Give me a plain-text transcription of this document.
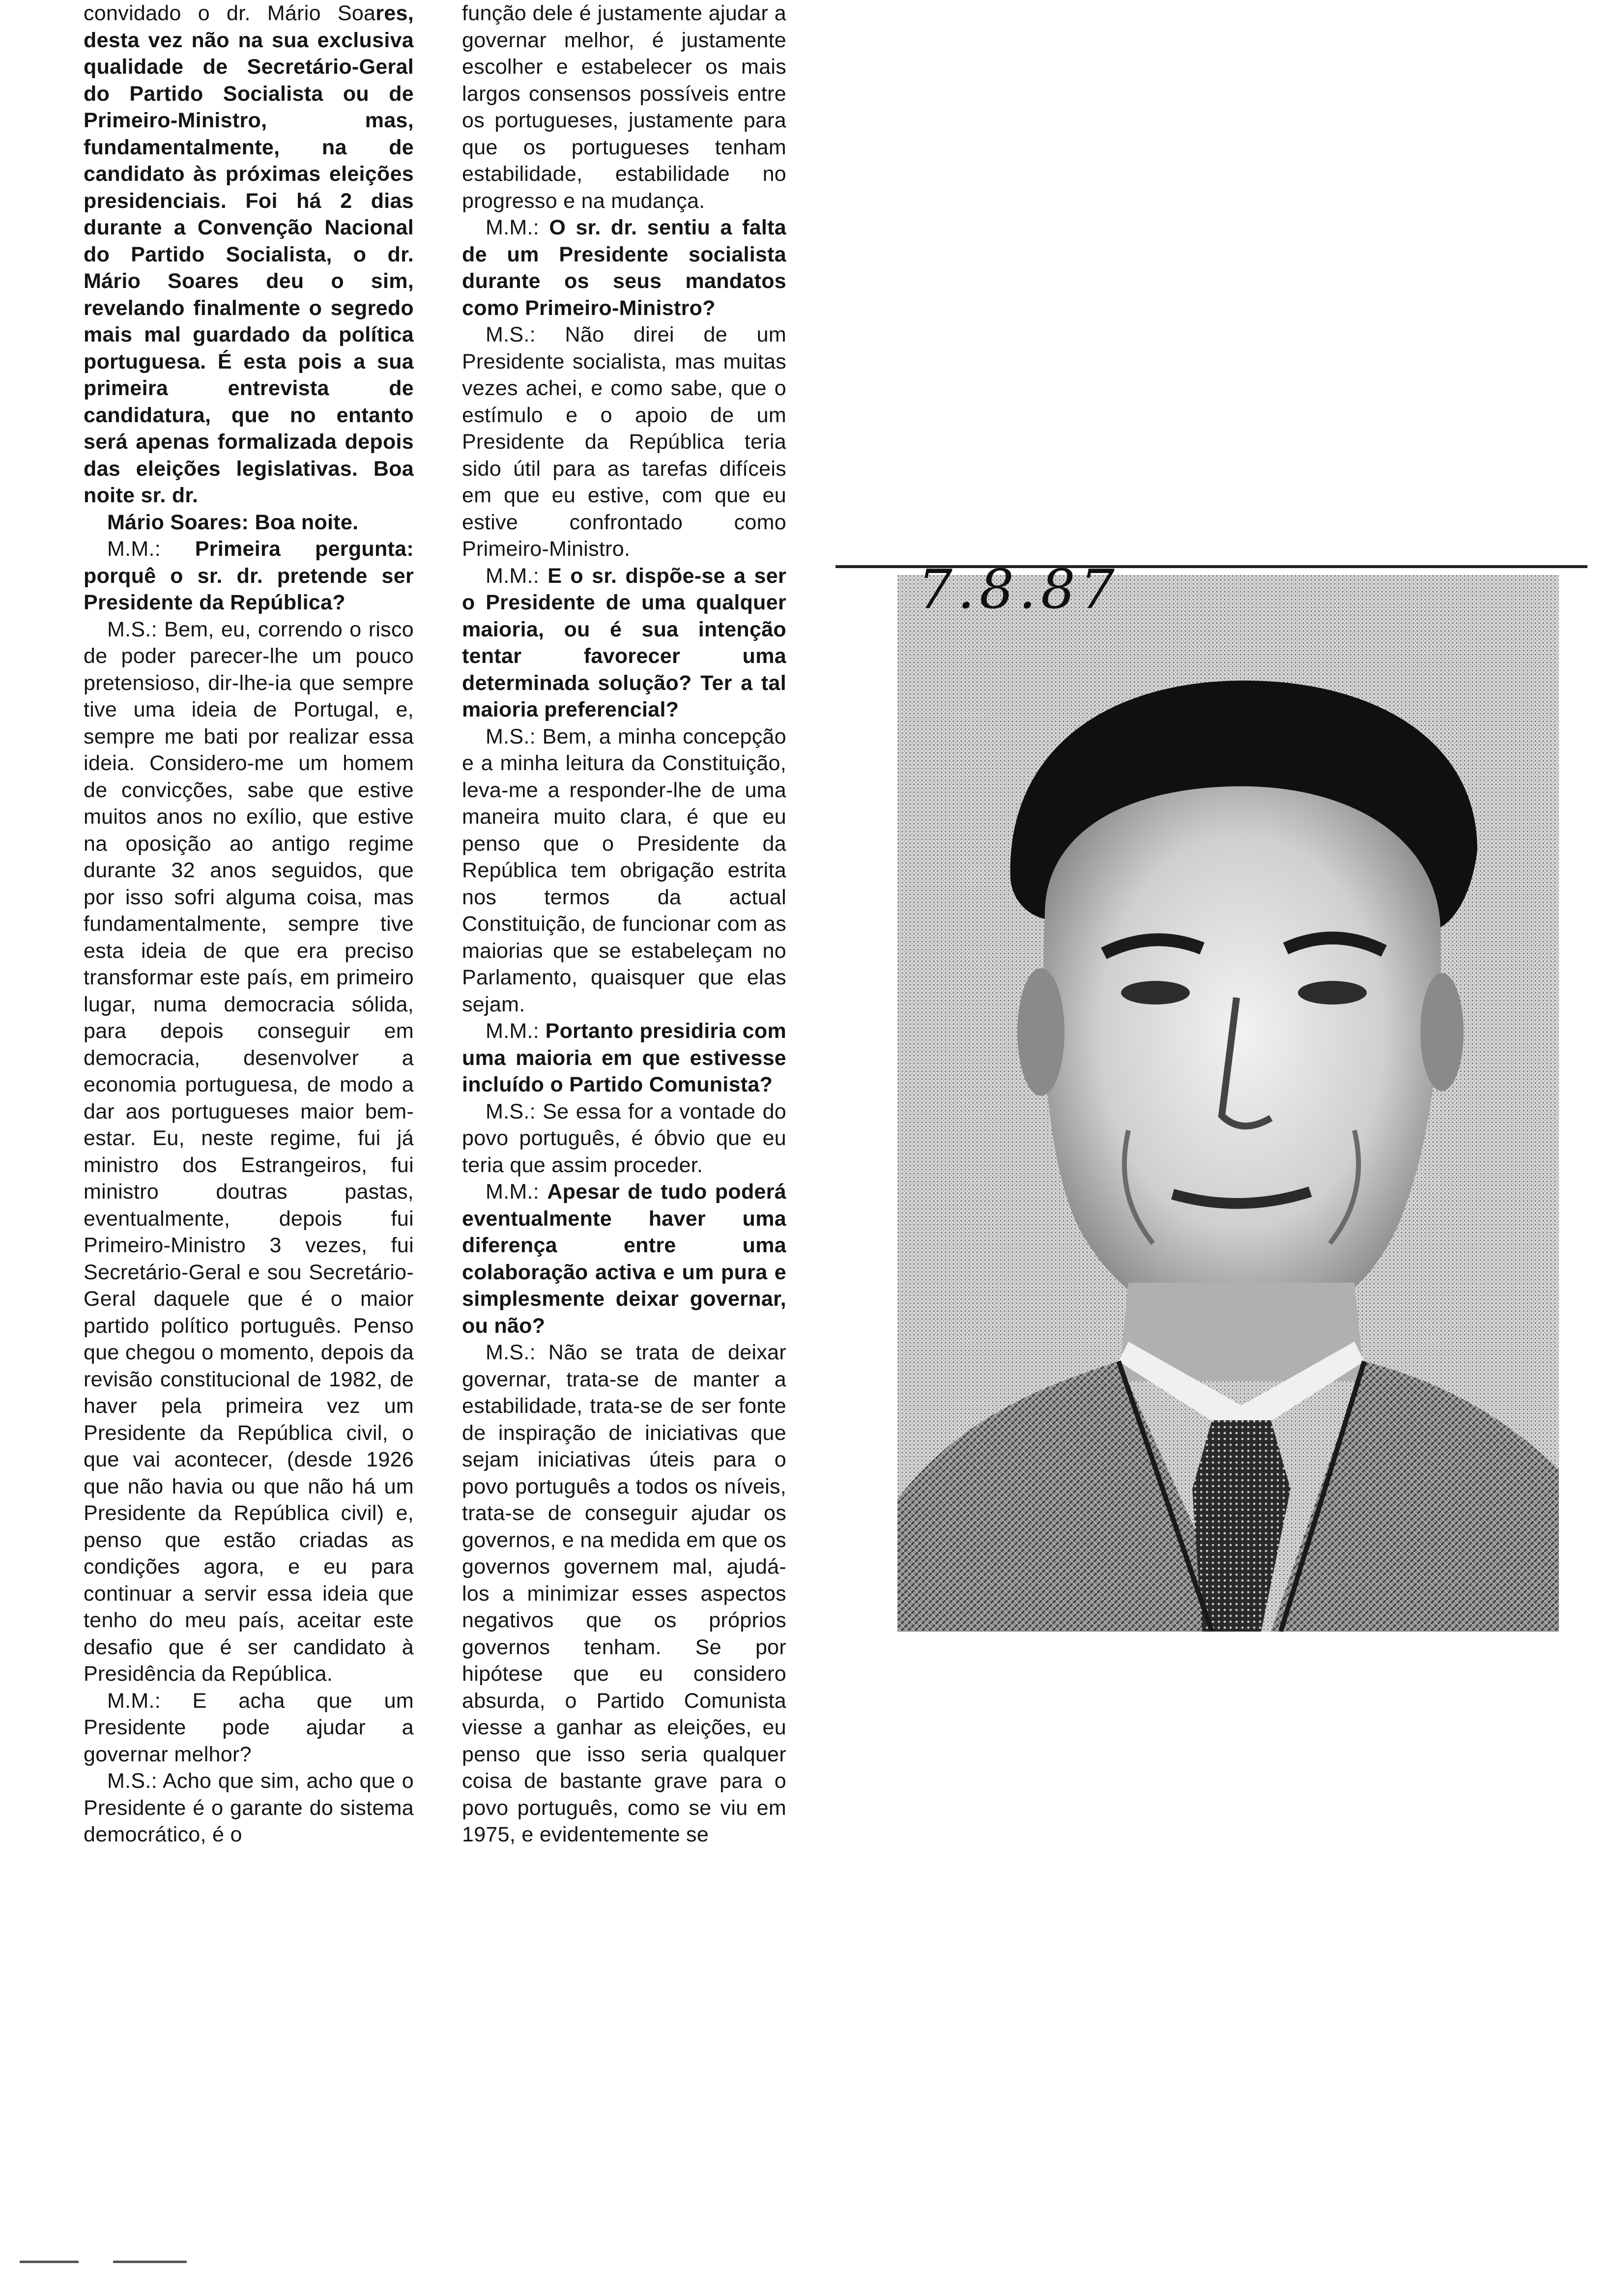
convidado o dr. Mário Soares, desta vez não na sua exclusiva qualidade de Secretário-Geral do Partido Socialista ou de Primeiro-Ministro, mas, fundamentalmente, na de candidato às próximas eleições presidenciais. Foi há 2 dias durante a Convenção Nacional do Partido Socialista, o dr. Mário Soares deu o sim, revelando finalmente o segredo mais mal guardado da política portuguesa. É esta pois a sua primeira entrevista de candidatura, que no entanto será apenas formalizada depois das eleições legislativas. Boa noite sr. dr.

Mário Soares: Boa noite.

M.M.: Primeira pergunta: porquê o sr. dr. pretende ser Presidente da República?

M.S.: Bem, eu, correndo o risco de poder parecer-lhe um pouco pretensioso, dir-lhe-ia que sempre tive uma ideia de Portugal, e, sempre me bati por realizar essa ideia. Considero-me um homem de convicções, sabe que estive muitos anos no exílio, que estive na oposição ao antigo regime durante 32 anos seguidos, que por isso sofri alguma coisa, mas fundamentalmente, sempre tive esta ideia de que era preciso transformar este país, em primeiro lugar, numa democracia sólida, para depois conseguir em democracia, desenvolver a economia portuguesa, de modo a dar aos portugueses maior bem-estar. Eu, neste regime, fui já ministro dos Estrangeiros, fui ministro doutras pastas, eventualmente, depois fui Primeiro-Ministro 3 vezes, fui Secretário-Geral e sou Secretário-Geral daquele que é o maior partido político português. Penso que chegou o momento, depois da revisão constitucional de 1982, de haver pela primeira vez um Presidente da República civil, o que vai acontecer, (desde 1926 que não havia ou que não há um Presidente da República civil) e, penso que estão criadas as condições agora, e eu para continuar a servir essa ideia que tenho do meu país, aceitar este desafio que é ser candidato à Presidência da República.

M.M.: E acha que um Presidente pode ajudar a governar melhor?

M.S.: Acho que sim, acho que o Presidente é o garante do sistema democrático, é o

função dele é justamente ajudar a governar melhor, é justamente escolher e estabelecer os mais largos consensos possíveis entre os portugueses, justamente para que os portugueses tenham estabilidade, estabilidade no progresso e na mudança.

M.M.: O sr. dr. sentiu a falta de um Presidente socialista durante os seus mandatos como Primeiro-Ministro?

M.S.: Não direi de um Presidente socialista, mas muitas vezes achei, e como sabe, que o estímulo e o apoio de um Presidente da República teria sido útil para as tarefas difíceis em que eu estive, com que eu estive confrontado como Primeiro-Ministro.

M.M.: E o sr. dispõe-se a ser o Presidente de uma qualquer maioria, ou é sua intenção tentar favorecer uma determinada solução? Ter a tal maioria preferencial?

M.S.: Bem, a minha concepção e a minha leitura da Constituição, leva-me a responder-lhe de uma maneira muito clara, é que eu penso que o Presidente da República tem obrigação estrita nos termos da actual Constituição, de funcionar com as maiorias que se estabeleçam no Parlamento, quaisquer que elas sejam.

M.M.: Portanto presidiria com uma maioria em que estivesse incluído o Partido Comunista?

M.S.: Se essa for a vontade do povo português, é óbvio que eu teria que assim proceder.

M.M.: Apesar de tudo poderá eventualmente haver uma diferença entre uma colaboração activa e um pura e simplesmente deixar governar, ou não?

M.S.: Não se trata de deixar governar, trata-se de manter a estabilidade, trata-se de ser fonte de inspiração de iniciativas que sejam iniciativas úteis para o povo português a todos os níveis, trata-se de conseguir ajudar os governos, e na medida em que os governos governem mal, ajudá-los a minimizar esses aspectos negativos que os próprios governos tenham. Se por hipótese que eu considero absurda, o Partido Comunista viesse a ganhar as eleições, eu penso que isso seria qualquer coisa de bastante grave para o povo português, como se viu em 1975, e evidentemente se

7.8.87
